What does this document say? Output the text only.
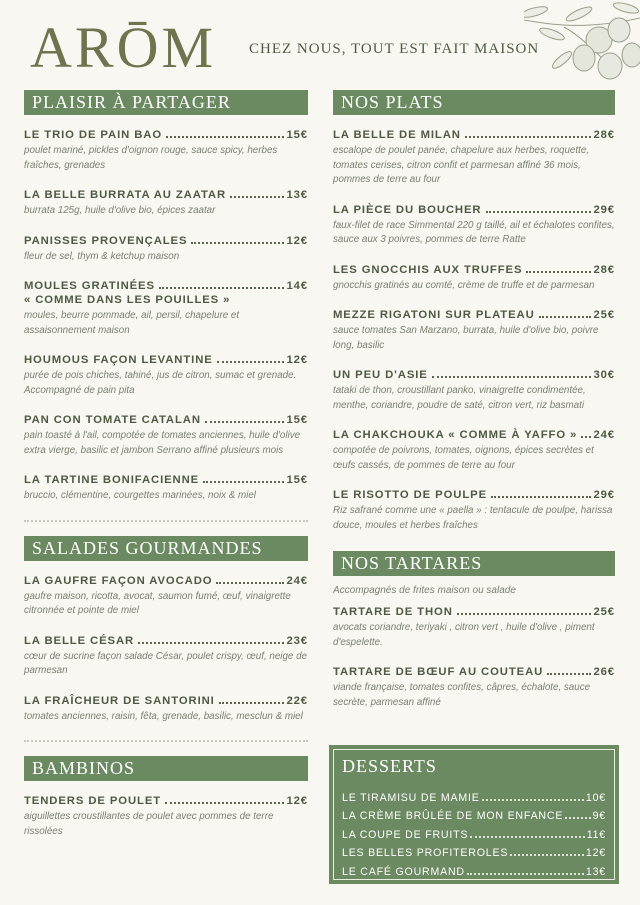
ARŌM CHEZ NOUS, TOUT EST FAIT MAISON
PLAISIR À PARTAGER
LE TRIO DE PAIN BAO	15€
poulet mariné, pickles d'oignon rouge, sauce spicy, herbes fraîches, grenades
LA BELLE BURRATA AU ZAATAR	13€
burrata 125g, huile d'olive bio, épices zaatar
PANISSES PROVENÇALES	12€
fleur de sel, thym & ketchup maison
MOULES GRATINÉES	14€
« COMME DANS LES POUILLES »
moules, beurre pommade, ail, persil, chapelure et assaisonnement maison
HOUMOUS FAÇON LEVANTINE	12€
purée de pois chiches, tahiné, jus de citron, sumac et grenade. Accompagné de pain pita
PAN CON TOMATE CATALAN	15€
pain toasté à l'ail, compotée de tomates anciennes, huile d'olive extra vierge, basilic et jambon Serrano affiné plusieurs mois
LA TARTINE BONIFACIENNE	15€
bruccio, clémentine, courgettes marinées, noix & miel
SALADES GOURMANDES
LA GAUFRE FAÇON AVOCADO	24€
gaufre maison, ricotta, avocat, saumon fumé, œuf, vinaigrette citronnée et pointe de miel
LA BELLE CÉSAR	23€
cœur de sucrine façon salade César, poulet crispy, œuf, neige de parmesan
LA FRAÎCHEUR DE SANTORINI	22€
tomates anciennes, raisin, fêta, grenade, basilic, mesclun & miel
BAMBINOS
TENDERS DE POULET	12€
aiguillettes croustillantes de poulet avec pommes de terre rissolées
NOS PLATS
LA BELLE DE MILAN	28€
escalope de poulet panée, chapelure aux herbes, roquette, tomates cerises, citron confit et parmesan affiné 36 mois, pommes de terre au four
LA PIÈCE DU BOUCHER	29€
faux-filet de race Simmental 220 g taillé, ail et échalotes confites, sauce aux 3 poivres, pommes de terre Ratte
LES GNOCCHIS AUX TRUFFES	28€
gnocchis gratinés au comté, crème de truffe et de parmesan
MEZZE RIGATONI SUR PLATEAU	25€
sauce tomates San Marzano, burrata, huile d'olive bio, poivre long, basilic
UN PEU D'ASIE	30€
tataki de thon, croustillant panko, vinaigrette condimentée, menthe, coriandre, poudre de saté, citron vert, riz basmati
LA CHAKCHOUKA « COMME À YAFFO » 24€
compotée de poivrons, tomates, oignons, épices secrètes et œufs cassés, de pommes de terre au four
LE RISOTTO DE POULPE	29€
Riz safrané comme une « paella » : tentacule de poulpe, harissa douce, moules et herbes fraîches
NOS TARTARES
Accompagnés de frites maison ou salade
TARTARE DE THON	25€
avocats coriandre, teriyaki , citron vert , huile d'olive , piment d'espelette.
TARTARE DE BŒUF AU COUTEAU	26€
viande française, tomates confites, câpres, échalote, sauce secrète, parmesan affiné
DESSERTS
LE TIRAMISU DE MAMIE	10€
LA CRÈME BRÛLÉE DE MON ENFANCE	9€
LA COUPE DE FRUITS	11€
LES BELLES PROFITEROLES	12€
LE CAFÉ GOURMAND	13€
